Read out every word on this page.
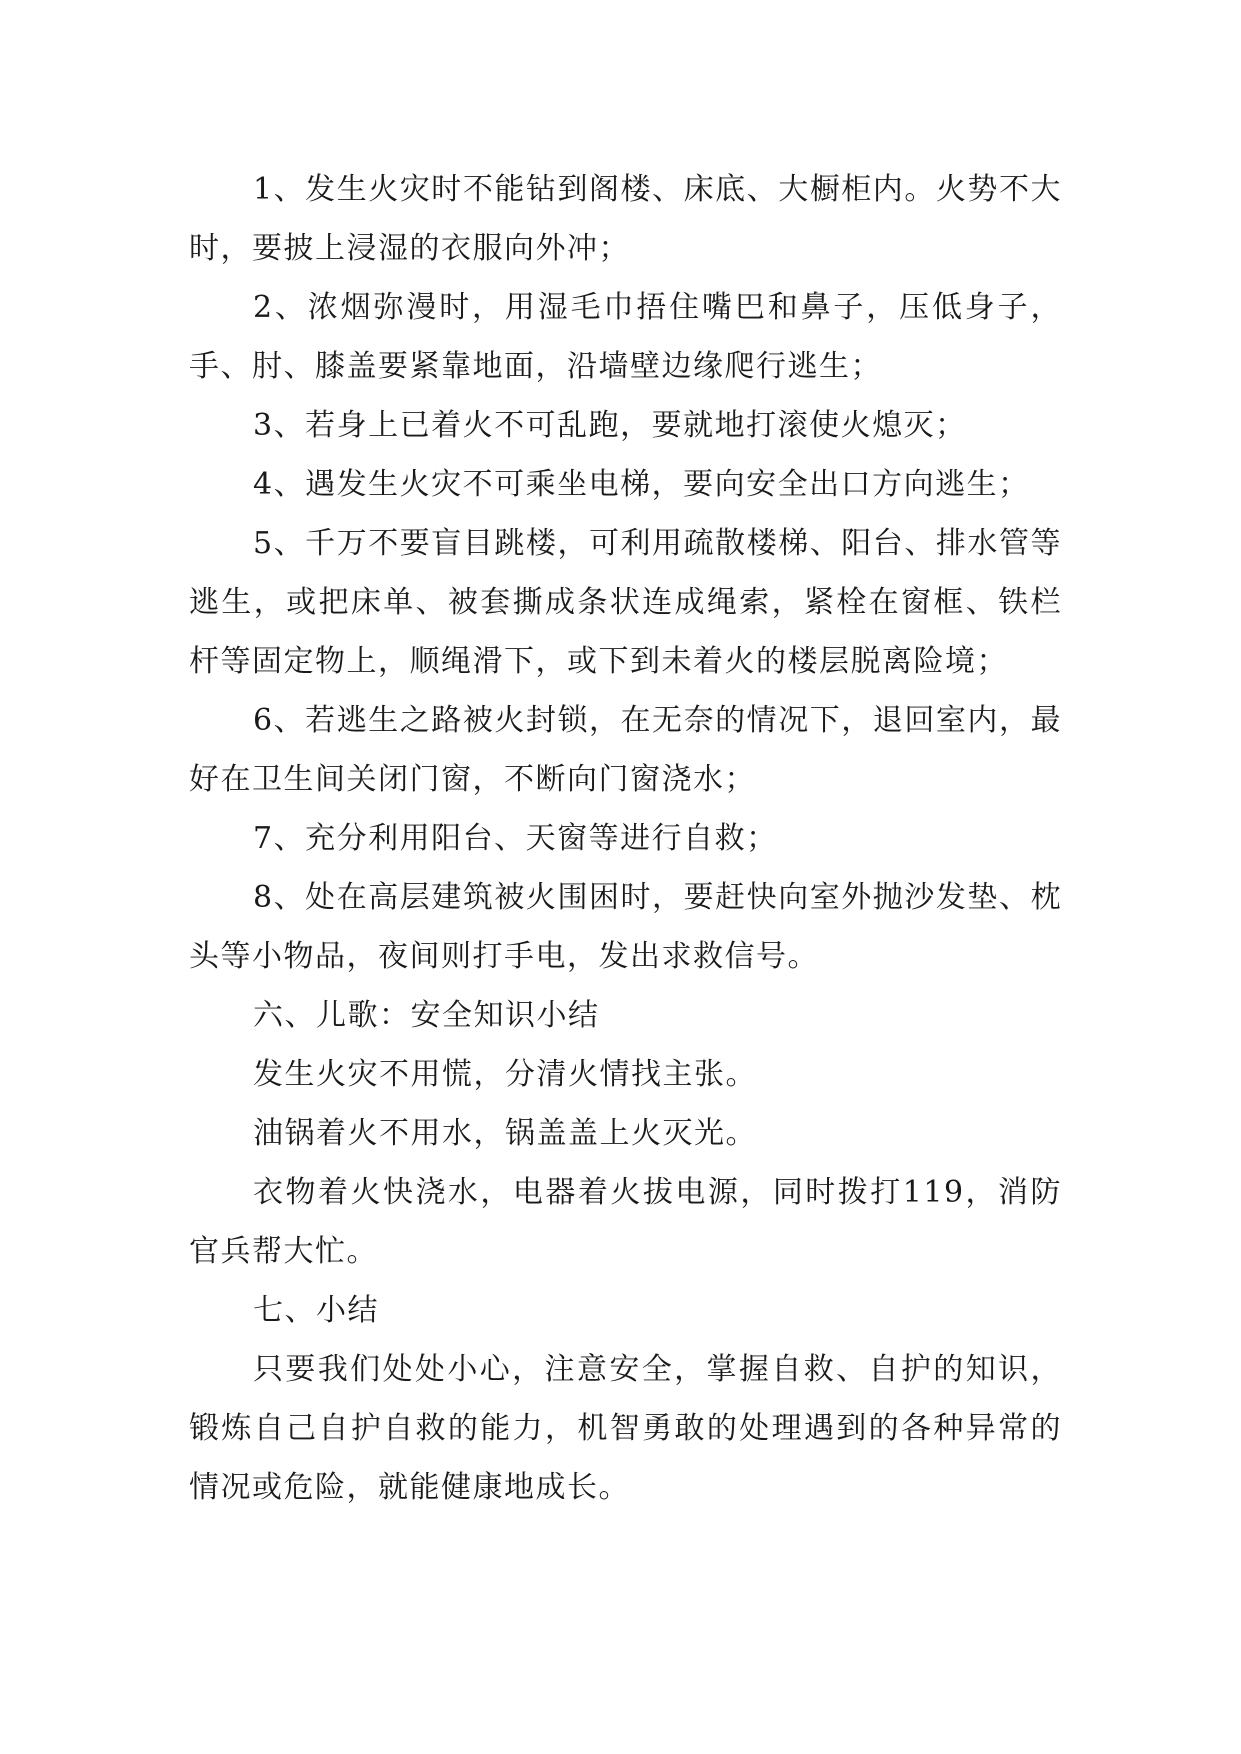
1、发生火灾时不能钻到阁楼、床底、大橱柜内。火势不大时，要披上浸湿的衣服向外冲；

2、浓烟弥漫时，用湿毛巾捂住嘴巴和鼻子，压低身子，手、肘、膝盖要紧靠地面，沿墙壁边缘爬行逃生；

3、若身上已着火不可乱跑，要就地打滚使火熄灭；

4、遇发生火灾不可乘坐电梯，要向安全出口方向逃生；

5、千万不要盲目跳楼，可利用疏散楼梯、阳台、排水管等逃生，或把床单、被套撕成条状连成绳索，紧栓在窗框、铁栏杆等固定物上，顺绳滑下，或下到未着火的楼层脱离险境；

6、若逃生之路被火封锁，在无奈的情况下，退回室内，最好在卫生间关闭门窗，不断向门窗浇水；

7、充分利用阳台、天窗等进行自救；

8、处在高层建筑被火围困时，要赶快向室外抛沙发垫、枕头等小物品，夜间则打手电，发出求救信号。

六、儿歌：安全知识小结

发生火灾不用慌，分清火情找主张。

油锅着火不用水，锅盖盖上火灭光。

衣物着火快浇水，电器着火拔电源，同时拨打119，消防官兵帮大忙。

七、小结

只要我们处处小心，注意安全，掌握自救、自护的知识，锻炼自己自护自救的能力，机智勇敢的处理遇到的各种异常的情况或危险，就能健康地成长。
